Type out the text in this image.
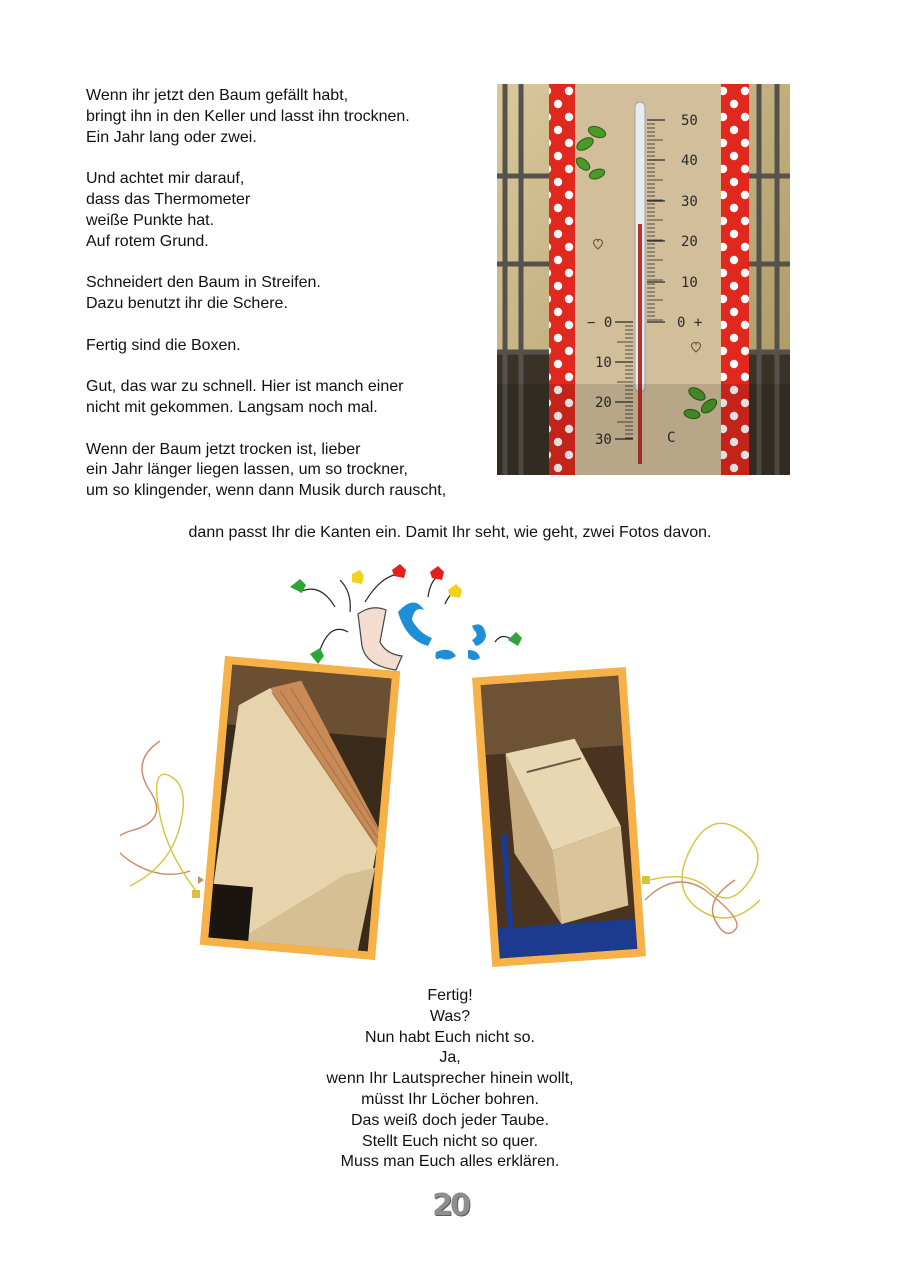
Wenn ihr jetzt den Baum gefällt habt,
bringt ihn in den Keller und lasst ihn trocknen.
Ein Jahr lang oder zwei.

Und achtet mir darauf,
dass das Thermometer
weiße Punkte hat.
Auf rotem Grund.

Schneidert den Baum in Streifen.
Dazu benutzt ihr die Schere.

Fertig sind die Boxen.

Gut, das war zu schnell. Hier ist manch einer
nicht mit gekommen. Langsam noch mal.

Wenn der Baum jetzt trocken ist, lieber
ein Jahr länger liegen lassen, um so trockner,
um so klingender, wenn dann Musik durch rauscht,

50
40
30
20
10
− 0	0 +
10
20
30	C
dann passt Ihr die Kanten ein. Damit Ihr seht, wie geht, zwei Fotos davon.
Fertig!
Was?
Nun habt Euch nicht so.
Ja,
wenn Ihr Lautsprecher hinein wollt,
müsst Ihr Löcher bohren.
Das weiß doch jeder Taube.
Stellt Euch nicht so quer.
Muss man Euch alles erklären.
20
